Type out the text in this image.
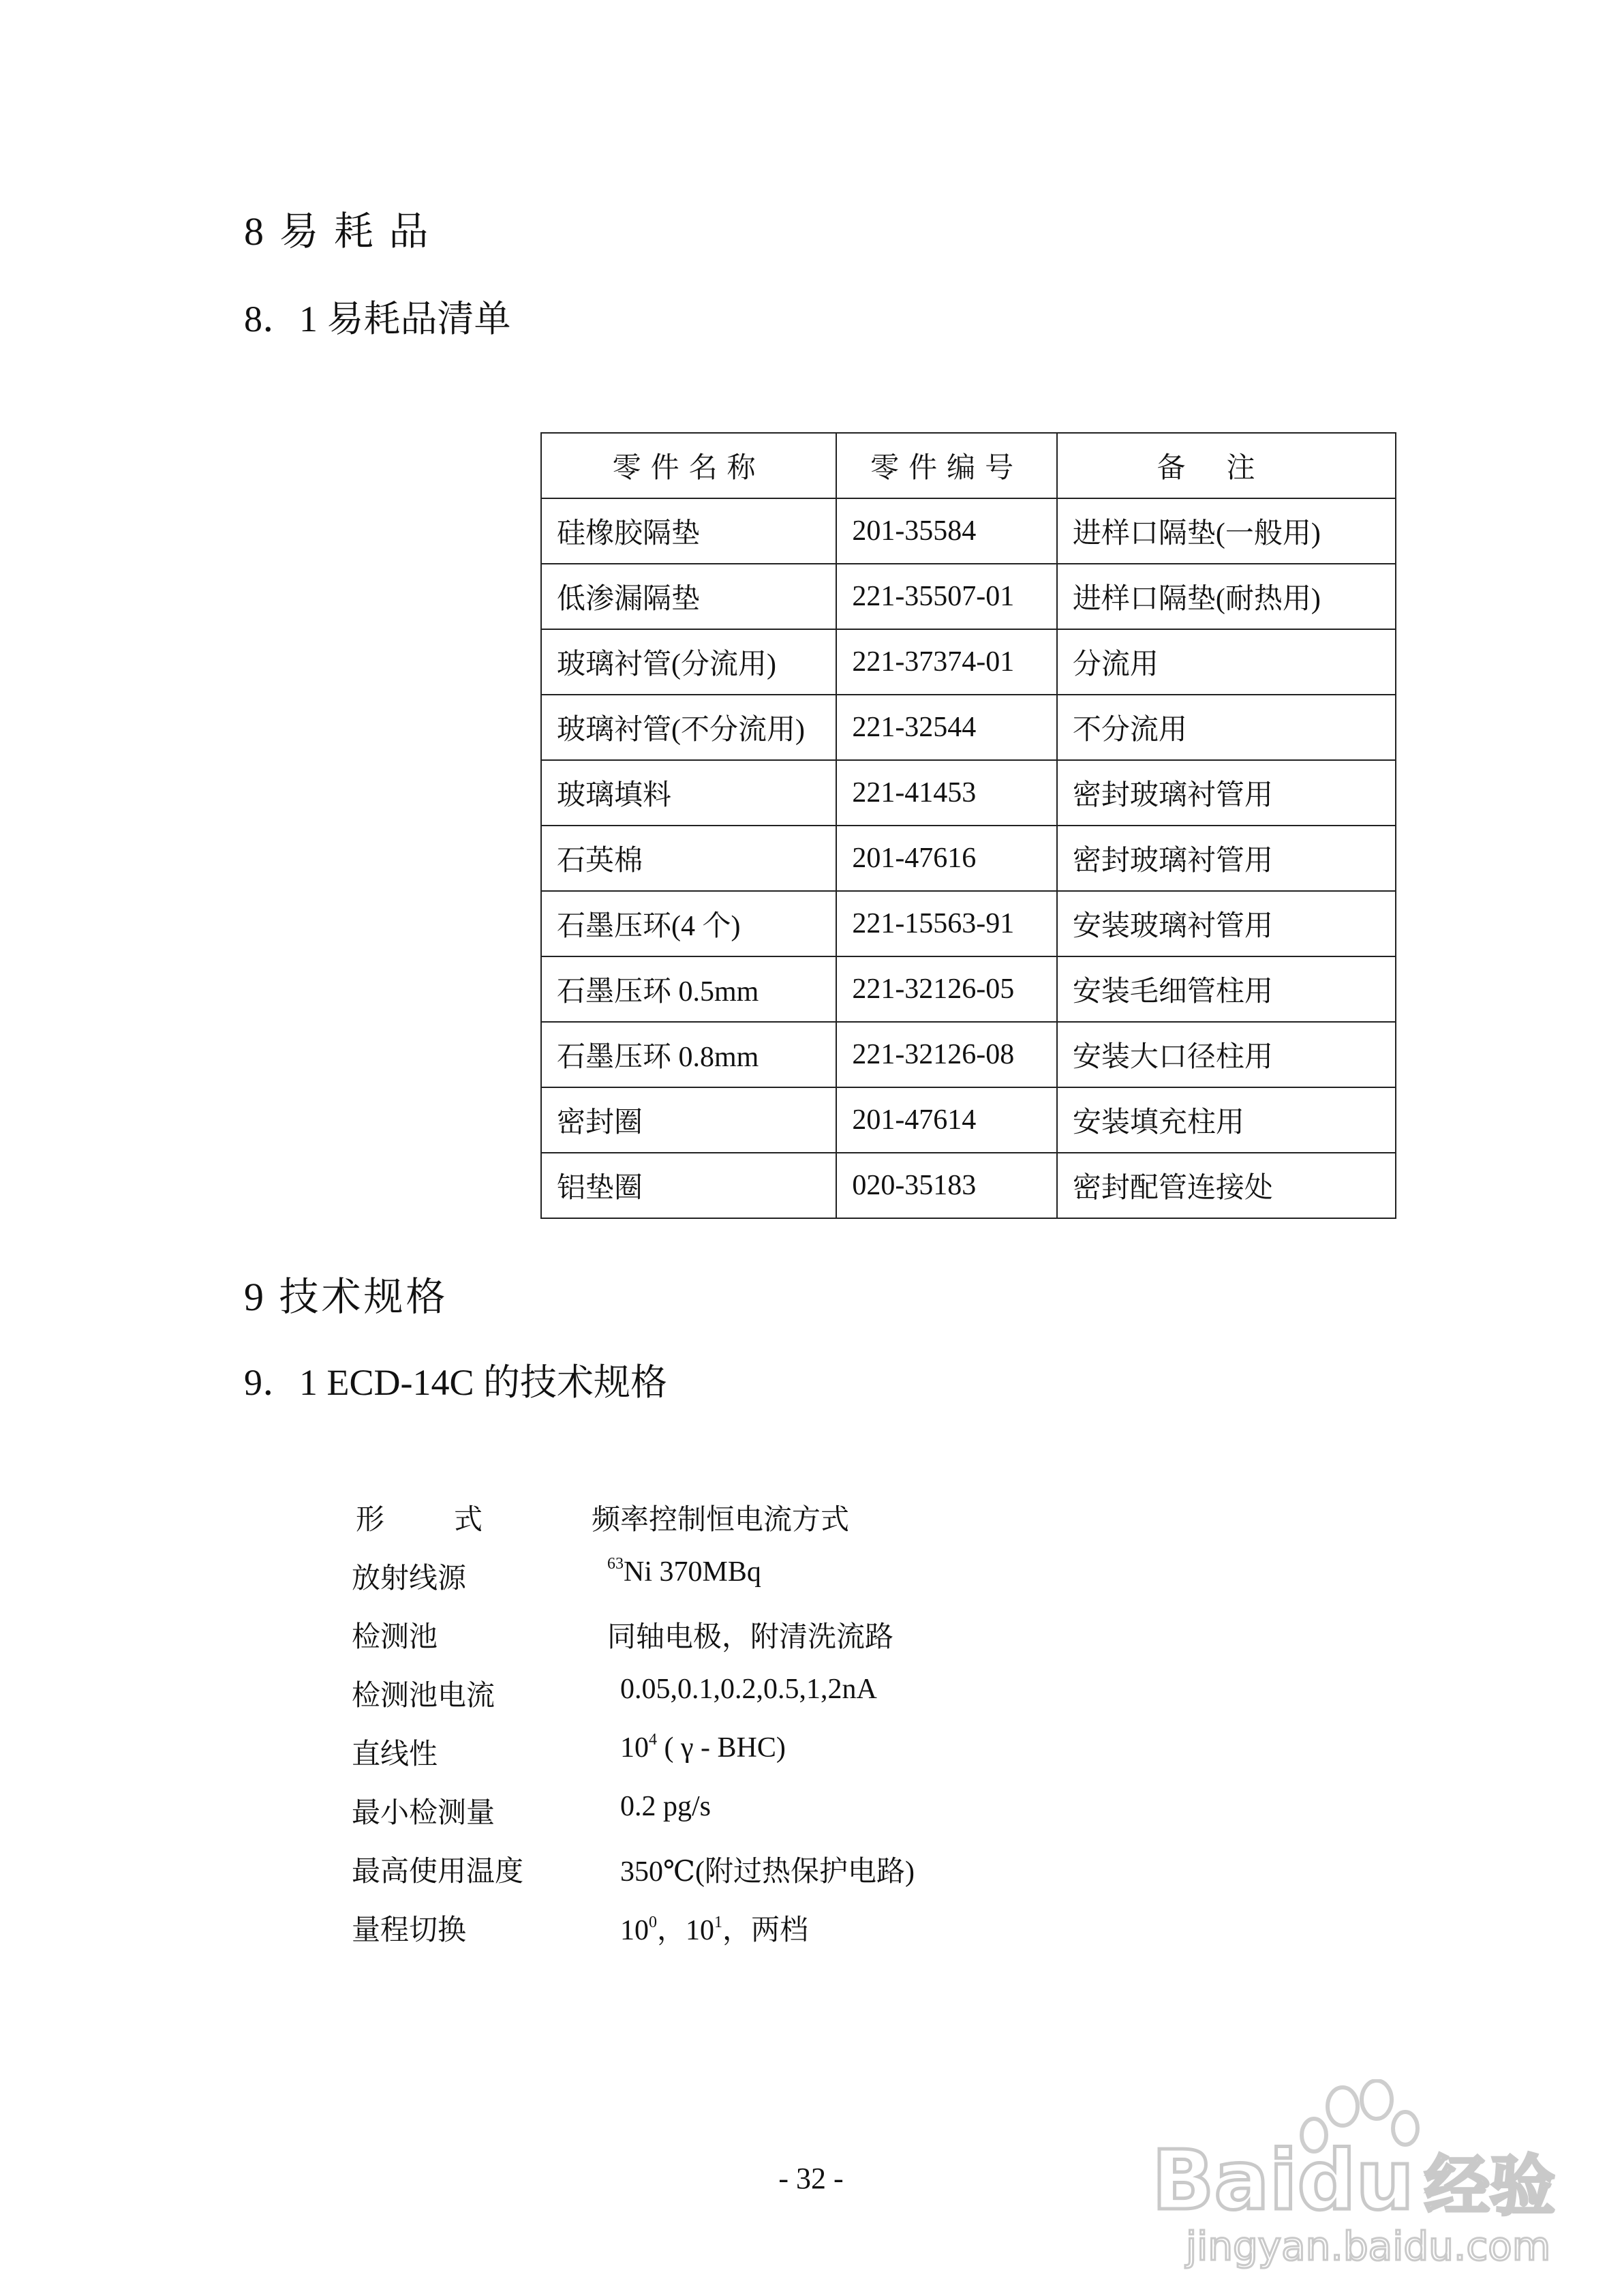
8 易 耗 品
8．1 易耗品清单
零件名称	零件编号	备注
硅橡胶隔垫	201-35584	进样口隔垫(一般用)
低渗漏隔垫	221-35507-01	进样口隔垫(耐热用)
玻璃衬管(分流用)	221-37374-01	分流用
玻璃衬管(不分流用)	221-32544	不分流用
玻璃填料	221-41453	密封玻璃衬管用
石英棉	201-47616	密封玻璃衬管用
石墨压环(4 个)	221-15563-91	安装玻璃衬管用
石墨压环 0.5mm	221-32126-05	安装毛细管柱用
石墨压环 0.8mm	221-32126-08	安装大口径柱用
密封圈	201-47614	安装填充柱用
铝垫圈	020-35183	密封配管连接处
9 技术规格
9．1 ECD-14C 的技术规格
形　　式	频率控制恒电流方式
放射线源	$^{63}$Ni 370MBq
检测池	同轴电极，附清洗流路
检测池电流	0.05,0.1,0.2,0.5,1,2nA
直线性	$10^4$ ( γ - BHC)
最小检测量	0.2 pg/s
最高使用温度	350℃(附过热保护电路)
量程切换	$10^0$，$10^1$，两档
- 32 -	Baidu 经验
jingyan.baidu.com
